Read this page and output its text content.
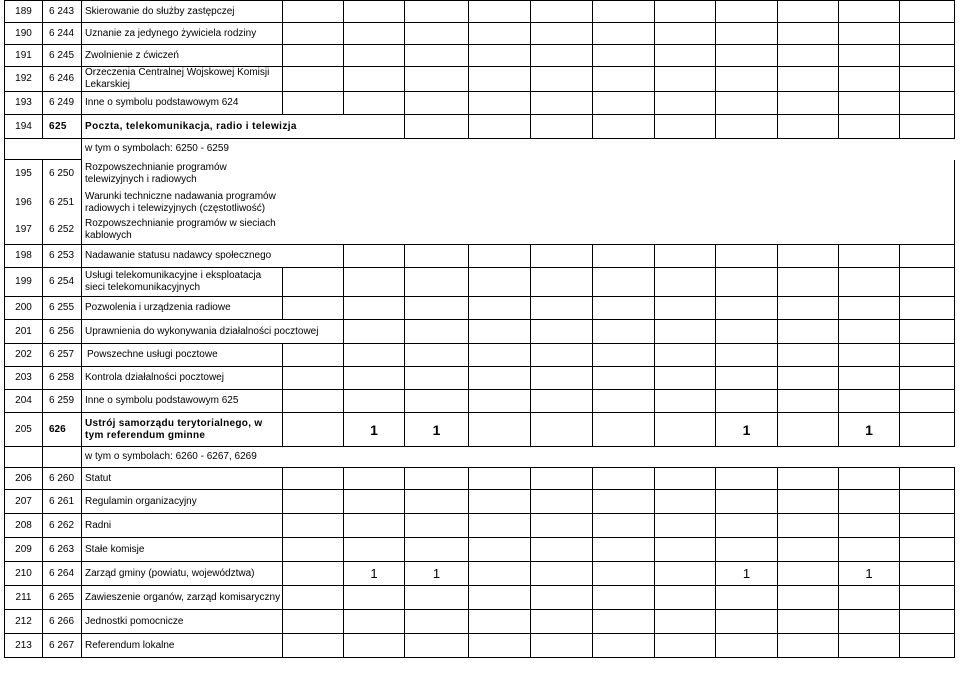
189	6 243	Skierowanie do służby zastępczej											
190	6 244	Uznanie za jedynego żywiciela rodziny											
191	6 245	Zwolnienie z ćwiczeń											
192	6 246	Orzeczenia Centralnej Wojskowej Komisji Lekarskiej											
193	6 249	Inne o symbolu podstawowym 624											
194	625	Poczta, telekomunikacja, radio i telewizja											
		w tym o symbolach: 6250 - 6259											
195	6 250	Rozpowszechnianie programów telewizyjnych i radiowych											
196	6 251	Warunki techniczne nadawania programów radiowych i telewizyjnych (częstotliwość)											
197	6 252	Rozpowszechnianie programów w sieciach kablowych											
198	6 253	Nadawanie statusu nadawcy społecznego											
199	6 254	Usługi telekomunikacyjne i eksploatacja sieci telekomunikacyjnych											
200	6 255	Pozwolenia i urządzenia radiowe											
201	6 256	Uprawnienia do wykonywania działalności pocztowej											
202	6 257	Powszechne usługi pocztowe											
203	6 258	Kontrola działalności pocztowej											
204	6 259	Inne o symbolu podstawowym 625											
205	626	Ustrój samorządu terytorialnego, w tym referendum gminne		1	1					1		1	
		w tym o symbolach: 6260 - 6267, 6269											
206	6 260	Statut											
207	6 261	Regulamin organizacyjny											
208	6 262	Radni											
209	6 263	Stałe komisje											
210	6 264	Zarząd gminy (powiatu, województwa)		1	1					1		1	
211	6 265	Zawieszenie organów, zarząd komisaryczny											
212	6 266	Jednostki pomocnicze											
213	6 267	Referendum lokalne											
